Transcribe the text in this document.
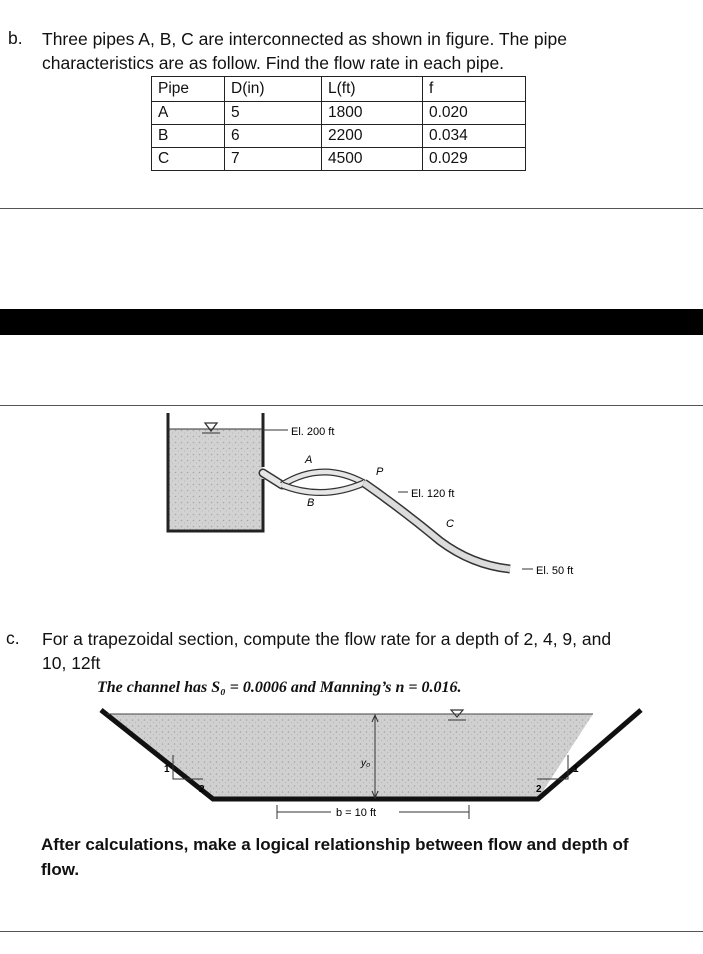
b. Three pipes A, B, C are interconnected as shown in figure. The pipe
characteristics are as follow. Find the flow rate in each pipe.
Pipe	D(in)	L(ft)	f
A	5	1800	0.020
B	6	2200	0.034
C	7	4500	0.029
El. 200 ft
A
P
El. 120 ft
B
C
El. 50 ft
c. For a trapezoidal section, compute the flow rate for a depth of 2, 4, 9, and
10, 12ft
The channel has S₀ = 0.0006 and Manning’s n = 0.016.
y₀
1
2
1
2
b = 10 ft
After calculations, make a logical relationship between flow and depth of
flow.
